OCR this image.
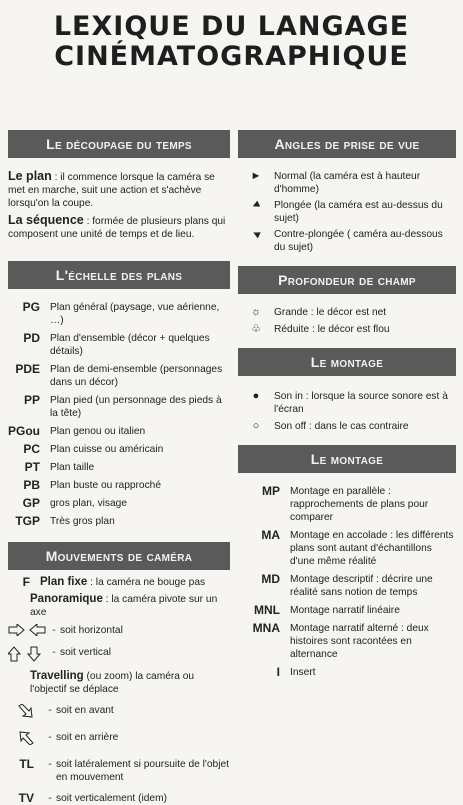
LEXIQUE DU LANGAGE
CINÉMATOGRAPHIQUE
Le découpage du temps
Le plan : il commence lorsque la caméra se met en marche, suit une action et s'achève lorsqu'on la coupe.
La séquence : formée de plusieurs plans qui composent une unité de temps et de lieu.
L'échelle des plans
PG Plan général (paysage, vue aérienne, …)
PD Plan d'ensemble (décor + quelques détails)
PDE Plan de demi-ensemble (personnages dans un décor)
PP Plan pied (un personnage des pieds à la tête)
PGou Plan genou ou italien
PC Plan cuisse ou américain
PT Plan taille
PB Plan buste ou rapproché
GP gros plan, visage
TGP Très gros plan
Mouvements de caméra
F Plan fixe : la caméra ne bouge pas
Panoramique : la caméra pivote sur un axe
- soit horizontal
- soit vertical
Travelling (ou zoom) la caméra ou l'objectif se déplace
- soit en avant
- soit en arrière
TL	- soit latéralement si poursuite de l'objet en mouvement
TV	- soit verticalement (idem)
Angles de prise de vue
►	Normal (la caméra est à hauteur d'homme)
◄	Plongée (la caméra est au-dessus du sujet)
◄	Contre-plongée ( caméra au-dessous du sujet)
Profondeur de champ
☼	Grande : le décor est net
♧	Réduite : le décor est flou
Le montage
●	Son in : lorsque la source sonore est à l'écran
○	Son off : dans le cas contraire
Le montage
MP Montage en parallèle : rapprochements de plans pour comparer
MA Montage en accolade : les différents plans sont autant d'échantillons d'une même réalité
MD Montage descriptif : décrire une réalité sans notion de temps
MNL Montage narratif linéaire
MNA Montage narratif alterné : deux histoires sont racontées en alternance
I Insert
